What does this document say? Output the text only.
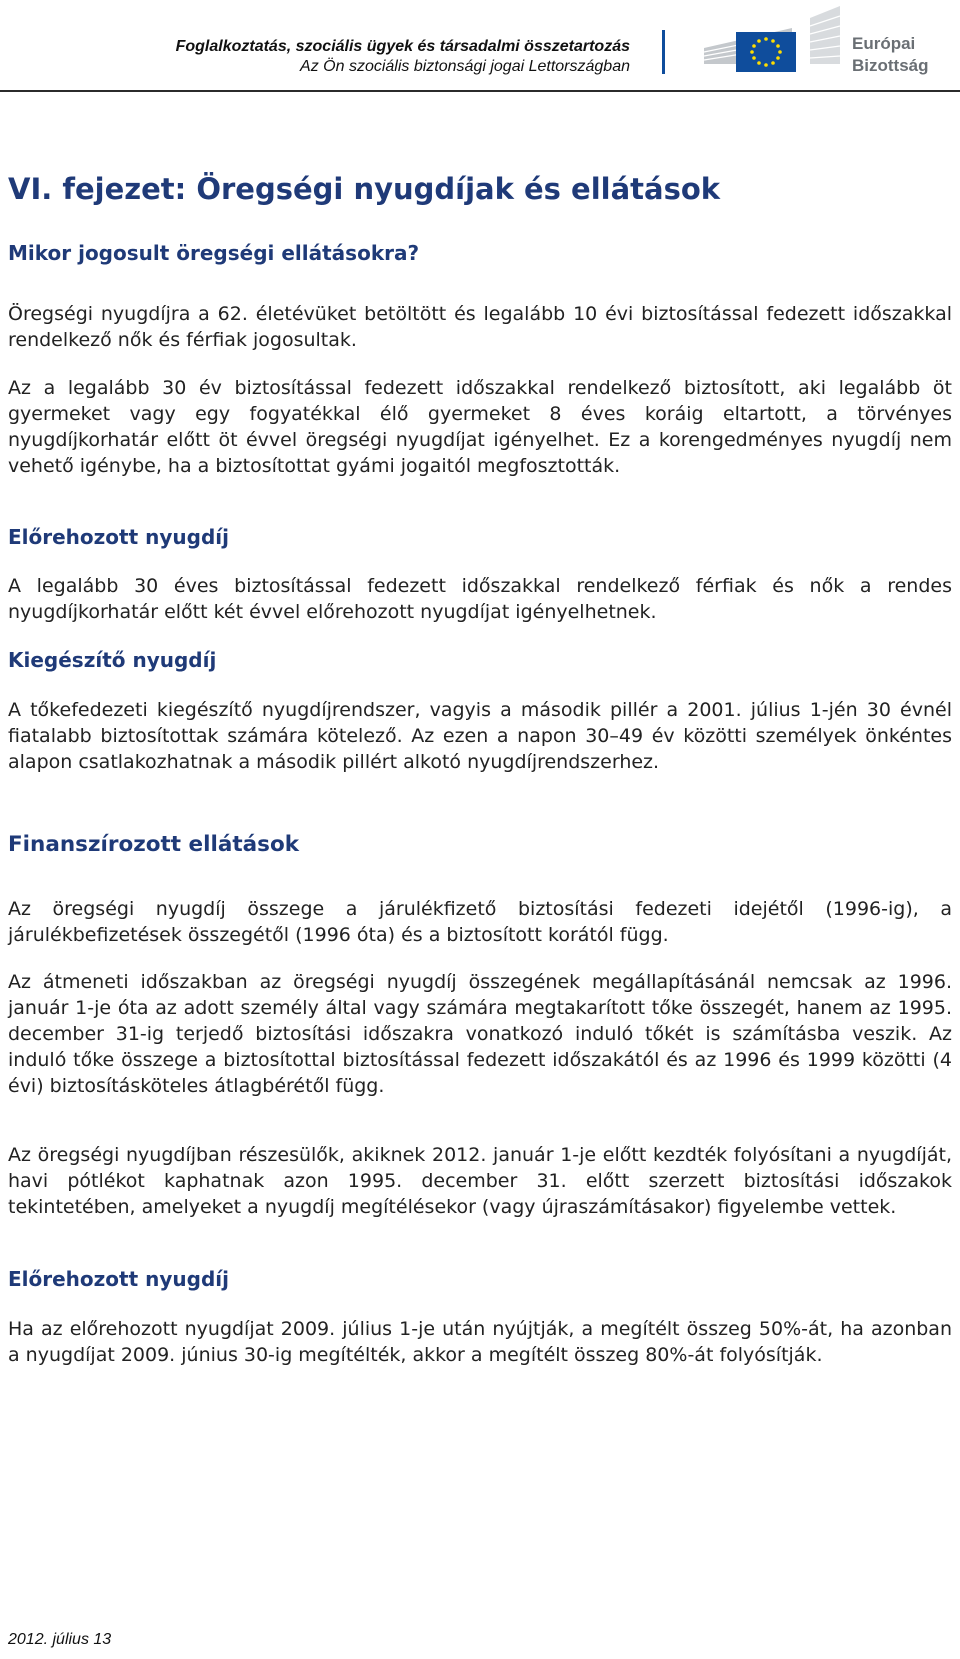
Foglalkoztatás, szociális ügyek és társadalmi összetartozás
Az Ön szociális biztonsági jogai Lettországban
Európai
Bizottság
VI. fejezet: Öregségi nyugdíjak és ellátások
Mikor jogosult öregségi ellátásokra?

Öregségi nyugdíjra a 62. életévüket betöltött és legalább 10 évi biztosítással fedezett időszakkal rendelkező nők és férfiak jogosultak.

Az a legalább 30 év biztosítással fedezett időszakkal rendelkező biztosított, aki legalább öt gyermeket vagy egy fogyatékkal élő gyermeket 8 éves koráig eltartott, a törvényes nyugdíjkorhatár előtt öt évvel öregségi nyugdíjat igényelhet. Ez a korengedményes nyugdíj nem vehető igénybe, ha a biztosítottat gyámi jogaitól megfosztották.

Előrehozott nyugdíj

A legalább 30 éves biztosítással fedezett időszakkal rendelkező férfiak és nők a rendes nyugdíjkorhatár előtt két évvel előrehozott nyugdíjat igényelhetnek.

Kiegészítő nyugdíj

A tőkefedezeti kiegészítő nyugdíjrendszer, vagyis a második pillér a 2001. július 1-jén 30 évnél fiatalabb biztosítottak számára kötelező. Az ezen a napon 30–49 év közötti személyek önkéntes alapon csatlakozhatnak a második pillért alkotó nyugdíjrendszerhez.

Finanszírozott ellátások

Az öregségi nyugdíj összege a járulékfizető biztosítási fedezeti idejétől (1996-ig), a járulékbefizetések összegétől (1996 óta) és a biztosított korától függ.

Az átmeneti időszakban az öregségi nyugdíj összegének megállapításánál nemcsak az 1996. január 1-je óta az adott személy által vagy számára megtakarított tőke összegét, hanem az 1995. december 31-ig terjedő biztosítási időszakra vonatkozó induló tőkét is számításba veszik. Az induló tőke összege a biztosítottal biztosítással fedezett időszakától és az 1996 és 1999 közötti (4 évi) biztosításköteles átlagbérétől függ.

Az öregségi nyugdíjban részesülők, akiknek 2012. január 1-je előtt kezdték folyósítani a nyugdíját, havi pótlékot kaphatnak azon 1995. december 31. előtt szerzett biztosítási időszakok tekintetében, amelyeket a nyugdíj megítélésekor (vagy újraszámításakor) figyelembe vettek.

Előrehozott nyugdíj

Ha az előrehozott nyugdíjat 2009. július 1-je után nyújtják, a megítélt összeg 50%-át, ha azonban a nyugdíjat 2009. június 30-ig megítélték, akkor a megítélt összeg 80%-át folyósítják.

2012. július 13
